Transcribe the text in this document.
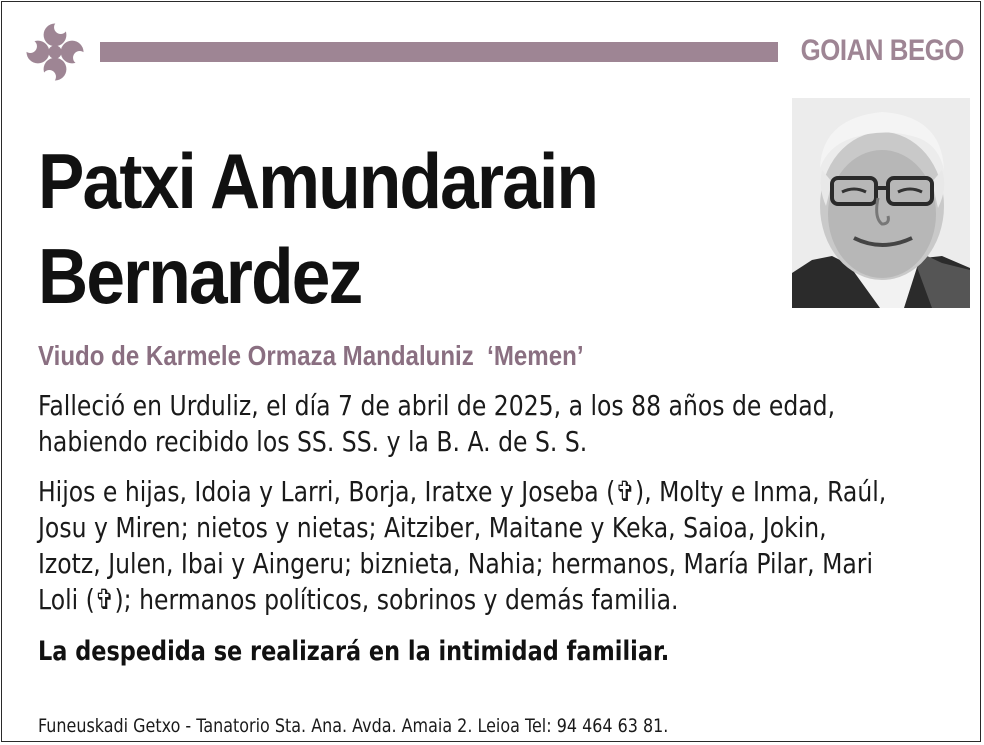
GOIAN BEGO
Patxi Amundarain
Bernardez
Viudo de Karmele Ormaza Mandaluniz  ‘Memen’
Falleció en Urduliz, el día 7 de abril de 2025, a los 88 años de edad,
habiendo recibido los SS. SS. y la B. A. de S. S.
Hijos e hijas, Idoia y Larri, Borja, Iratxe y Joseba (✞), Molty e Inma, Raúl,
Josu y Miren; nietos y nietas; Aitziber, Maitane y Keka, Saioa, Jokin,
Izotz, Julen, Ibai y Aingeru; biznieta, Nahia; hermanos, María Pilar, Mari
Loli (✞); hermanos políticos, sobrinos y demás familia.
La despedida se realizará en la intimidad familiar.
Funeuskadi Getxo - Tanatorio Sta. Ana. Avda. Amaia 2. Leioa Tel: 94 464 63 81.
